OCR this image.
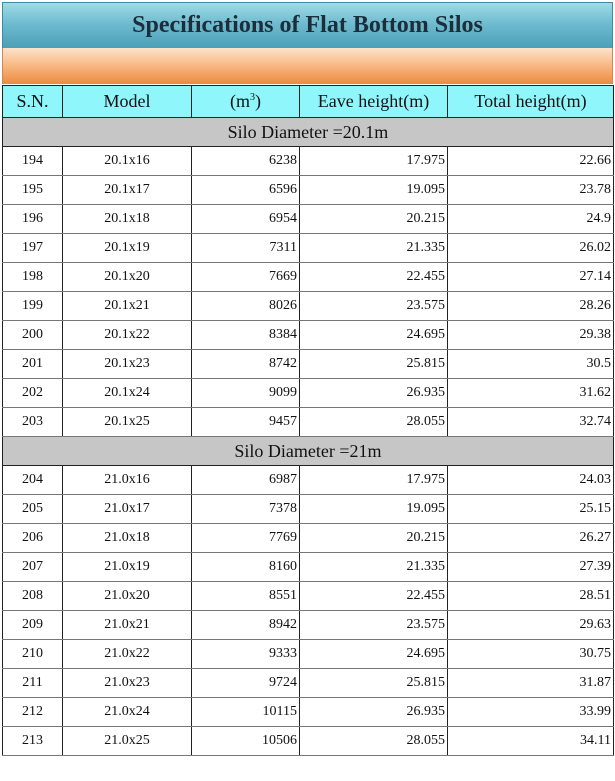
Specifications of Flat Bottom Silos
S.N.	Model	$(m^3)$	Eave height(m)	Total height(m)
Silo Diameter =20.1m				
194	20.1x16	6238	17.975	22.66
195	20.1x17	6596	19.095	23.78
196	20.1x18	6954	20.215	24.9
197	20.1x19	7311	21.335	26.02
198	20.1x20	7669	22.455	27.14
199	20.1x21	8026	23.575	28.26
200	20.1x22	8384	24.695	29.38
201	20.1x23	8742	25.815	30.5
202	20.1x24	9099	26.935	31.62
203	20.1x25	9457	28.055	32.74
Silo Diameter =21m				
204	21.0x16	6987	17.975	24.03
205	21.0x17	7378	19.095	25.15
206	21.0x18	7769	20.215	26.27
207	21.0x19	8160	21.335	27.39
208	21.0x20	8551	22.455	28.51
209	21.0x21	8942	23.575	29.63
210	21.0x22	9333	24.695	30.75
211	21.0x23	9724	25.815	31.87
212	21.0x24	10115	26.935	33.99
213	21.0x25	10506	28.055	34.11
